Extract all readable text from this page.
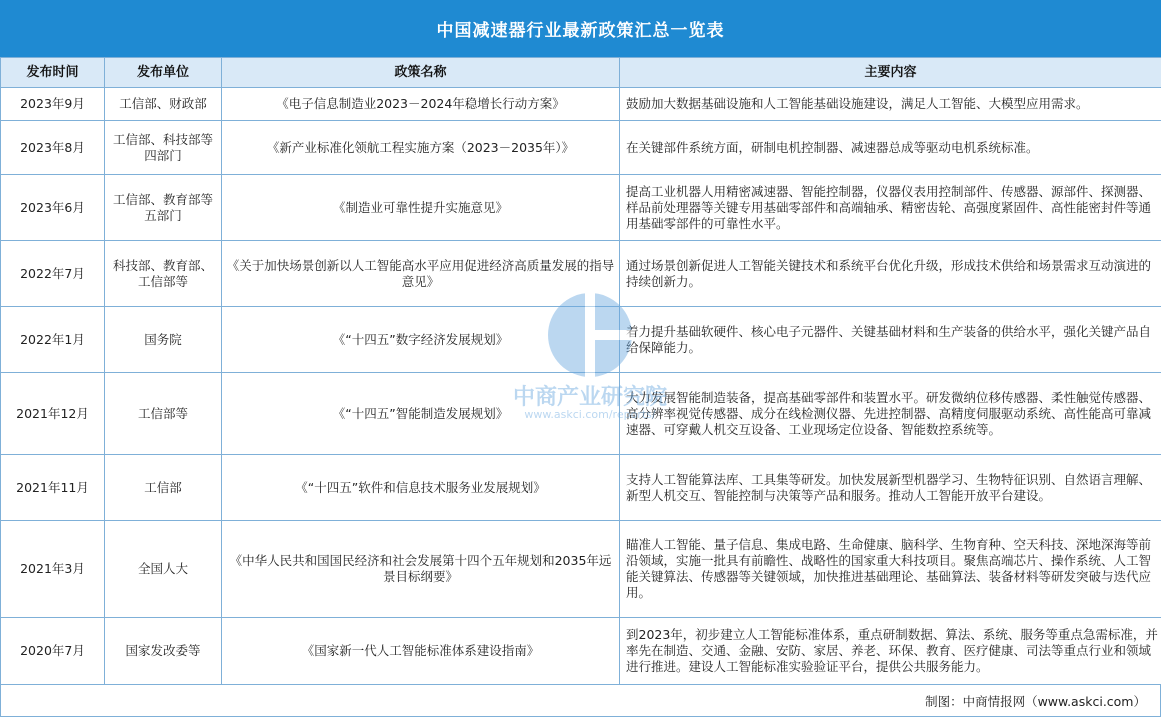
中国减速器行业最新政策汇总一览表
发布时间	发布单位	政策名称	主要内容
2023年9月	工信部、财政部	《电子信息制造业2023－2024年稳增长行动方案》	鼓励加大数据基础设施和人工智能基础设施建设，满足人工智能、大模型应用需求。
2023年8月	工信部、科技部等四部门	《新产业标准化领航工程实施方案（2023－2035年）》	在关键部件系统方面，研制电机控制器、减速器总成等驱动电机系统标准。
2023年6月	工信部、教育部等五部门	《制造业可靠性提升实施意见》	提高工业机器人用精密减速器、智能控制器，仪器仪表用控制部件、传感器、源部件、探测器、样品前处理器等关键专用基础零部件和高端轴承、精密齿轮、高强度紧固件、高性能密封件等通用基础零部件的可靠性水平。
2022年7月	科技部、教育部、工信部等	《关于加快场景创新以人工智能高水平应用促进经济高质量发展的指导意见》	通过场景创新促进人工智能关键技术和系统平台优化升级，形成技术供给和场景需求互动演进的持续创新力。
2022年1月	国务院	《“十四五”数字经济发展规划》	着力提升基础软硬件、核心电子元器件、关键基础材料和生产装备的供给水平，强化关键产品自给保障能力。
2021年12月	工信部等	《“十四五”智能制造发展规划》	大力发展智能制造装备，提高基础零部件和装置水平。研发微纳位移传感器、柔性触觉传感器、高分辨率视觉传感器、成分在线检测仪器、先进控制器、高精度伺服驱动系统、高性能高可靠减速器、可穿戴人机交互设备、工业现场定位设备、智能数控系统等。
2021年11月	工信部	《“十四五”软件和信息技术服务业发展规划》	支持人工智能算法库、工具集等研发。加快发展新型机器学习、生物特征识别、自然语言理解、新型人机交互、智能控制与决策等产品和服务。推动人工智能开放平台建设。
2021年3月	全国人大	《中华人民共和国国民经济和社会发展第十四个五年规划和2035年远景目标纲要》	瞄准人工智能、量子信息、集成电路、生命健康、脑科学、生物育种、空天科技、深地深海等前沿领域，实施一批具有前瞻性、战略性的国家重大科技项目。聚焦高端芯片、操作系统、人工智能关键算法、传感器等关键领域，加快推进基础理论、基础算法、装备材料等研发突破与迭代应用。
2020年7月	国家发改委等	《国家新一代人工智能标准体系建设指南》	到2023年，初步建立人工智能标准体系，重点研制数据、算法、系统、服务等重点急需标准，并率先在制造、交通、金融、安防、家居、养老、环保、教育、医疗健康、司法等重点行业和领域进行推进。建设人工智能标准实验验证平台，提供公共服务能力。
制图：中商情报网（www.askci.com）
中商产业研究院
www.askci.com/reports/
